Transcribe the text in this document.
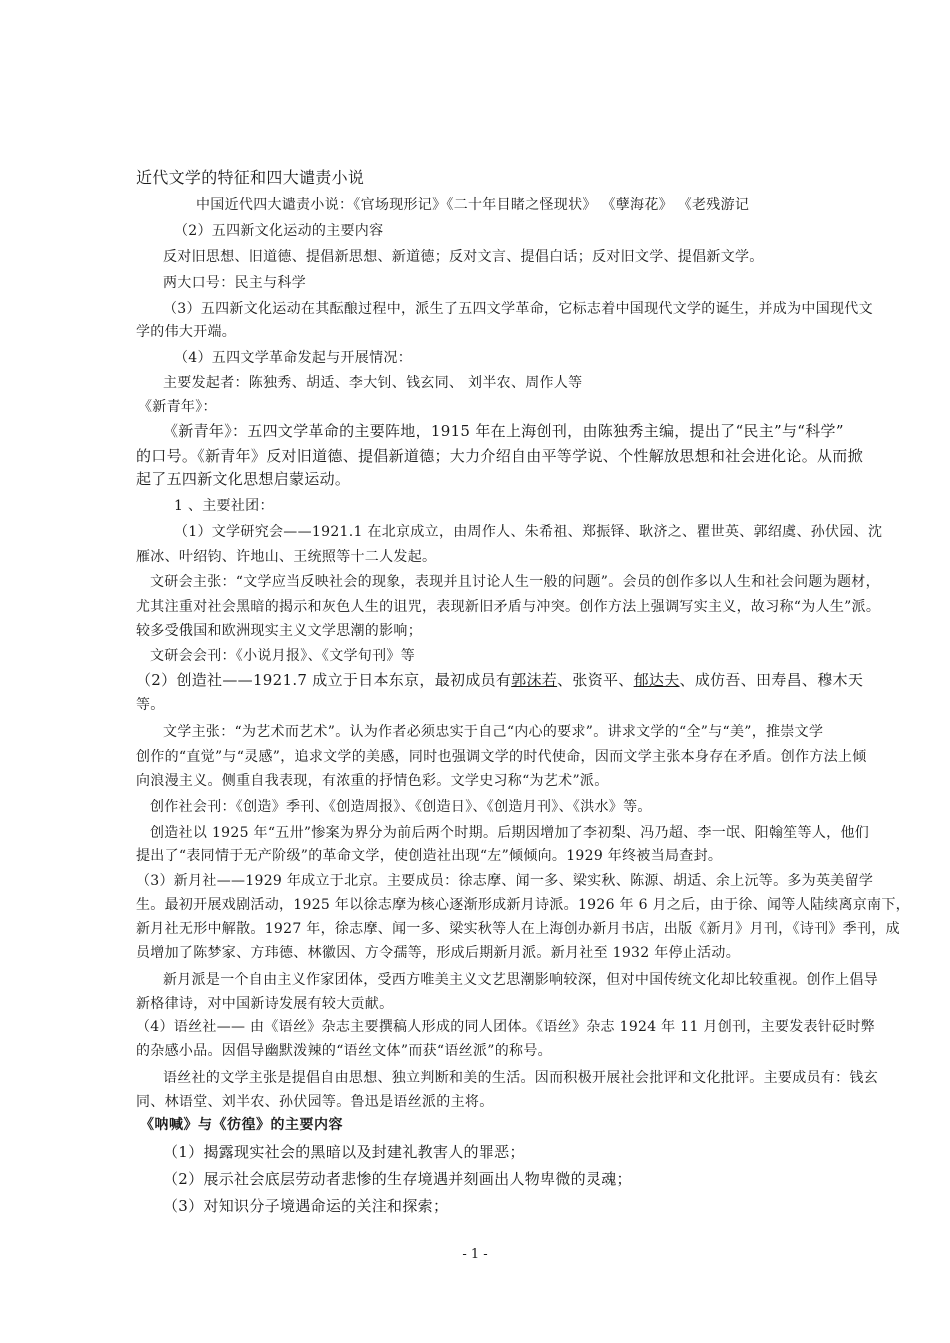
近代文学的特征和四大谴责小说
中国近代四大谴责小说：《官场现形记》《二十年目睹之怪现状》 《孽海花》 《老残游记
（2）五四新文化运动的主要内容
反对旧思想、旧道德、提倡新思想、新道德；反对文言、提倡白话；反对旧文学、提倡新文学。
两大口号：民主与科学
（3）五四新文化运动在其酝酿过程中，派生了五四文学革命，它标志着中国现代文学的诞生，并成为中国现代文
学的伟大开端。
（4）五四文学革命发起与开展情况：
主要发起者：陈独秀、胡适、李大钊、钱玄同、 刘半农、周作人等
《新青年》：
《新青年》：五四文学革命的主要阵地，1915 年在上海创刊，由陈独秀主编，提出了“民主”与“科学”
的口号。《新青年》反对旧道德、提倡新道德；大力介绍自由平等学说、个性解放思想和社会进化论。从而掀
起了五四新文化思想启蒙运动。
1 、主要社团：
（1）文学研究会——1921.1 在北京成立，由周作人、朱希祖、郑振铎、耿济之、瞿世英、郭绍虞、孙伏园、沈
雁冰、叶绍钧、许地山、王统照等十二人发起。
文研会主张：“文学应当反映社会的现象，表现并且讨论人生一般的问题”。会员的创作多以人生和社会问题为题材，
尤其注重对社会黑暗的揭示和灰色人生的诅咒，表现新旧矛盾与冲突。创作方法上强调写实主义，故习称“为人生”派。
较多受俄国和欧洲现实主义文学思潮的影响；
文研会会刊：《小说月报》、《文学旬刊》等
（2）创造社——1921.7 成立于日本东京，最初成员有郭沫若、张资平、郁达夫、成仿吾、田寿昌、穆木天
等。
文学主张：“为艺术而艺术”。认为作者必须忠实于自己“内心的要求”。讲求文学的“全”与“美”，推崇文学
创作的“直觉”与“灵感”，追求文学的美感，同时也强调文学的时代使命，因而文学主张本身存在矛盾。创作方法上倾
向浪漫主义。侧重自我表现，有浓重的抒情色彩。文学史习称“为艺术”派。
创作社会刊：《创造》季刊、《创造周报》、《创造日》、《创造月刊》、《洪水》等。
创造社以 1925 年“五卅”惨案为界分为前后两个时期。后期因增加了李初梨、冯乃超、李一氓、阳翰笙等人，他们
提出了“表同情于无产阶级”的革命文学，使创造社出现“左”倾倾向。1929 年终被当局查封。
（3）新月社——1929 年成立于北京。主要成员：徐志摩、闻一多、梁实秋、陈源、胡适、余上沅等。多为英美留学
生。最初开展戏剧活动，1925 年以徐志摩为核心逐渐形成新月诗派。1926 年 6 月之后，由于徐、闻等人陆续离京南下，
新月社无形中解散。1927 年，徐志摩、闻一多、梁实秋等人在上海创办新月书店，出版《新月》月刊，《诗刊》季刊，成
员增加了陈梦家、方玮德、林徽因、方令孺等，形成后期新月派。新月社至 1932 年停止活动。
新月派是一个自由主义作家团体，受西方唯美主义文艺思潮影响较深，但对中国传统文化却比较重视。创作上倡导
新格律诗，对中国新诗发展有较大贡献。
（4）语丝社—— 由《语丝》杂志主要撰稿人形成的同人团体。《语丝》杂志 1924 年 11 月创刊，主要发表针砭时弊
的杂感小品。因倡导幽默泼辣的“语丝文体”而获“语丝派”的称号。
语丝社的文学主张是提倡自由思想、独立判断和美的生活。因而积极开展社会批评和文化批评。主要成员有：钱玄
同、林语堂、刘半农、孙伏园等。鲁迅是语丝派的主将。
《呐喊》与《彷徨》的主要内容
（1）揭露现实社会的黑暗以及封建礼教害人的罪恶；
（2）展示社会底层劳动者悲惨的生存境遇并刻画出人物卑微的灵魂；
（3）对知识分子境遇命运的关注和探索；
- 1 -
